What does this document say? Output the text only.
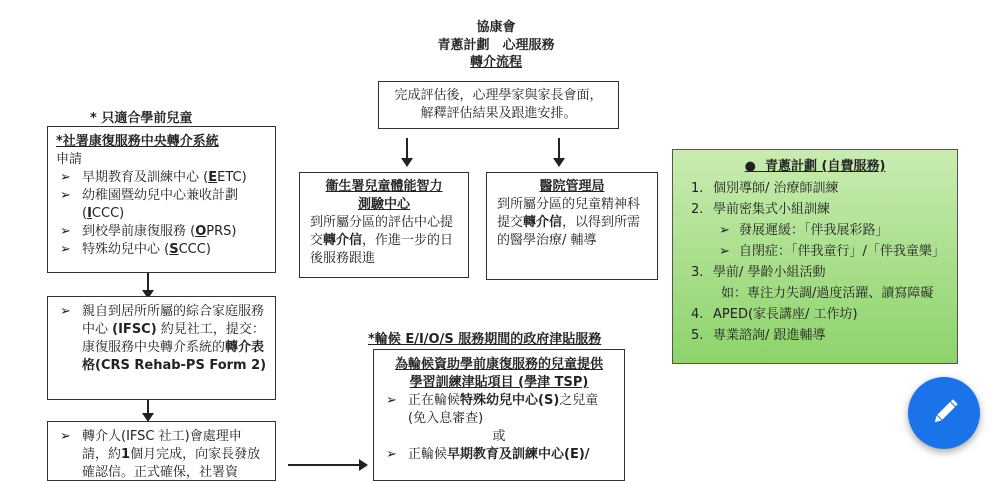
協康會
青蔥計劃　心理服務
轉介流程
完成評估後，心理學家與家長會面，
解釋評估結果及跟進安排。
* 只適合學前兒童
*社署康復服務中央轉介系統
申請
➢ 早期教育及訓練中心 (EETC)
➢ 幼稚園暨幼兒中心兼收計劃 (ICCC)
➢ 到校學前康復服務 (OPRS)
➢ 特殊幼兒中心 (SCCC)
➢ 親自到居所所屬的綜合家庭服務中心 (IFSC) 約見社工，提交：康復服務中央轉介系統的轉介表格(CRS Rehab-PS Form 2)
➢ 轉介人(IFSC 社工)會處理申請，約1個月完成，向家長發放確認信。正式確保，社署資
衞生署兒童體能智力
測驗中心
到所屬分區的評估中心提交轉介信，作進一步的日後服務跟進
醫院管理局
到所屬分區的兒童精神科提交轉介信，以得到所需的醫學治療/ 輔導
*輪候 E/I/O/S 服務期間的政府津貼服務
為輪候資助學前康復服務的兒童提供
學習訓練津貼項目 (學津 TSP)
➢ 正在輪候特殊幼兒中心(S)之兒童(免入息審查)
或
➢ 正輪候早期教育及訓練中心(E)/
●  青蔥計劃 (自費服務)
1. 個別導師/ 治療師訓練
2. 學前密集式小組訓練
➢ 發展遲緩：「伴我展彩路」
➢ 自閉症：「伴我童行」/「伴我童樂」
3. 學前/ 學齡小組活動
如：專注力失調/過度活躍、讀寫障礙
4. APED(家長講座/ 工作坊)
5. 專業諮詢/ 跟進輔導
